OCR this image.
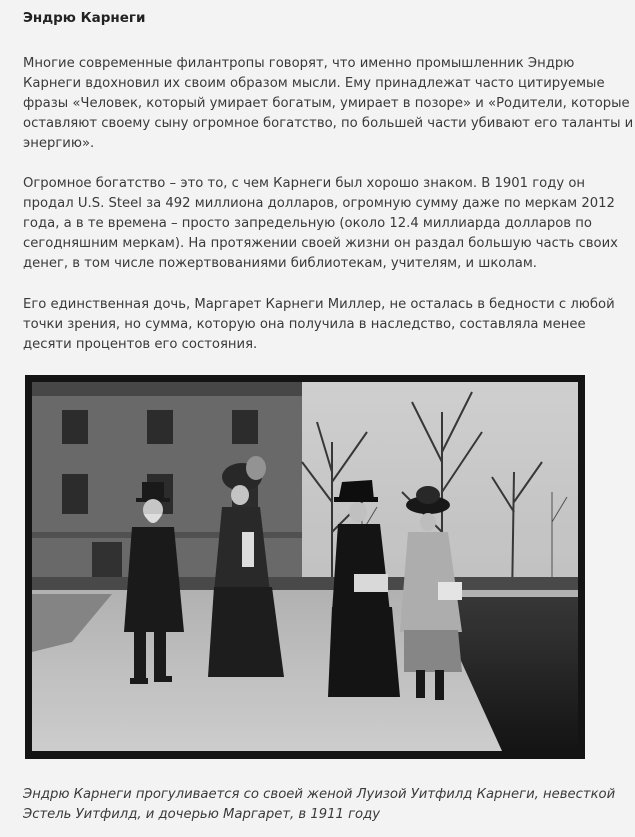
Эндрю Карнеги

Многие современные филантропы говорят, что именно промышленник Эндрю Карнеги вдохновил их своим образом мысли. Ему принадлежат часто цитируемые фразы «Человек, который умирает богатым, умирает в позоре» и «Родители, которые оставляют своему сыну огромное богатство, по большей части убивают его таланты и энергию».

Огромное богатство – это то, с чем Карнеги был хорошо знаком. В 1901 году он продал U.S. Steel за 492 миллиона долларов, огромную сумму даже по меркам 2012 года, а в те времена – просто запредельную (около 12.4 миллиарда долларов по сегодняшним меркам). На протяжении своей жизни он раздал большую часть своих денег, в том числе пожертвованиями библиотекам, учителям, и школам.

Его единственная дочь, Маргарет Карнеги Миллер, не осталась в бедности с любой точки зрения, но сумма, которую она получила в наследство, составляла менее десяти процентов его состояния.

Эндрю Карнеги прогуливается со своей женой Луизой Уитфилд Карнеги, невесткой Эстель Уитфилд, и дочерью Маргарет, в 1911 году
